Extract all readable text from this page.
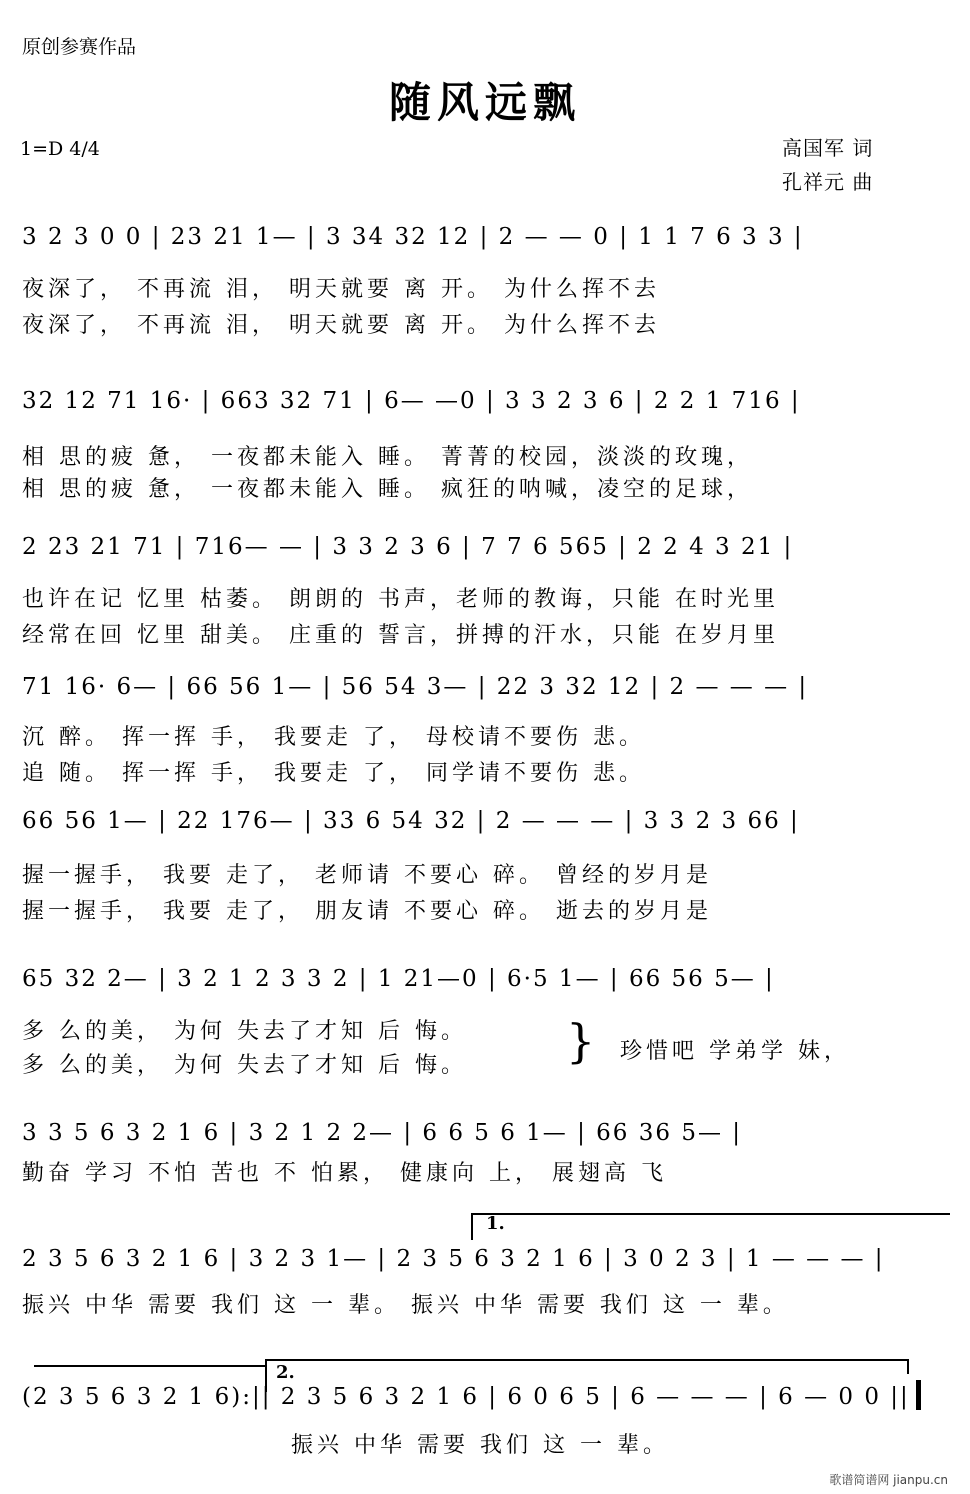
原创参赛作品
随风远飘
1=D 4/4	高国军 词
孔祥元 曲
3 2 3 0 0 | 23 21 1— | 3 34 32 12 | 2 — — 0 | 1 1 7 6 3 3 |
夜深了， 不再流 泪， 明天就要 离 开。 为什么挥不去
夜深了， 不再流 泪， 明天就要 离 开。 为什么挥不去
32 12 71 16· | 663 32 71 | 6— —0 | 3 3 2 3 6 | 2 2 1 716 |
相 思的疲 惫， 一夜都未能入 睡。 菁菁的校园，淡淡的玫瑰，
相 思的疲 惫， 一夜都未能入 睡。 疯狂的呐喊，凌空的足球，
2 23 21 71 | 716— — | 3 3 2 3 6 | 7 7 6 565 | 2 2 4 3 21 |
也许在记 忆里 枯萎。 朗朗的 书声，老师的教诲，只能 在时光里
经常在回 忆里 甜美。 庄重的 誓言，拼搏的汗水，只能 在岁月里
71 16· 6— | 66 56 1— | 56 54 3— | 22 3 32 12 | 2 — — — |
沉 醉。 挥一挥 手， 我要走 了， 母校请不要伤 悲。
追 随。 挥一挥 手， 我要走 了， 同学请不要伤 悲。
66 56 1— | 22 176— | 33 6 54 32 | 2 — — — | 3 3 2 3 66 |
握一握手， 我要 走了， 老师请 不要心 碎。 曾经的岁月是
握一握手， 我要 走了， 朋友请 不要心 碎。 逝去的岁月是
65 32 2— | 3 2 1 2 3 3 2 | 1 21—0 | 6·5 1— | 66 56 5— |
多 么的美， 为何 失去了才知 后 悔。
多 么的美， 为何 失去了才知 后 悔。	} 珍惜吧 学弟学 妹，
3 3 5 6 3 2 1 6 | 3 2 1 2 2— | 6 6 5 6 1— | 66 36 5— |
勤奋 学习 不怕 苦也 不 怕累， 健康向 上， 展翅高 飞
1.
2 3 5 6 3 2 1 6 | 3 2 3 1— | 2 3 5 6 3 2 1 6 | 3 0 2 3 | 1 — — — |
振兴 中华 需要 我们 这 一 辈。 振兴 中华 需要 我们 这 一 辈。
2.
(2 3 5 6 3 2 1 6):|| 2 3 5 6 3 2 1 6 | 6 0 6 5 | 6 — — — | 6 — 0 0 ||
振兴 中华 需要 我们 这 一 辈。
歌谱简谱网 jianpu.cn
